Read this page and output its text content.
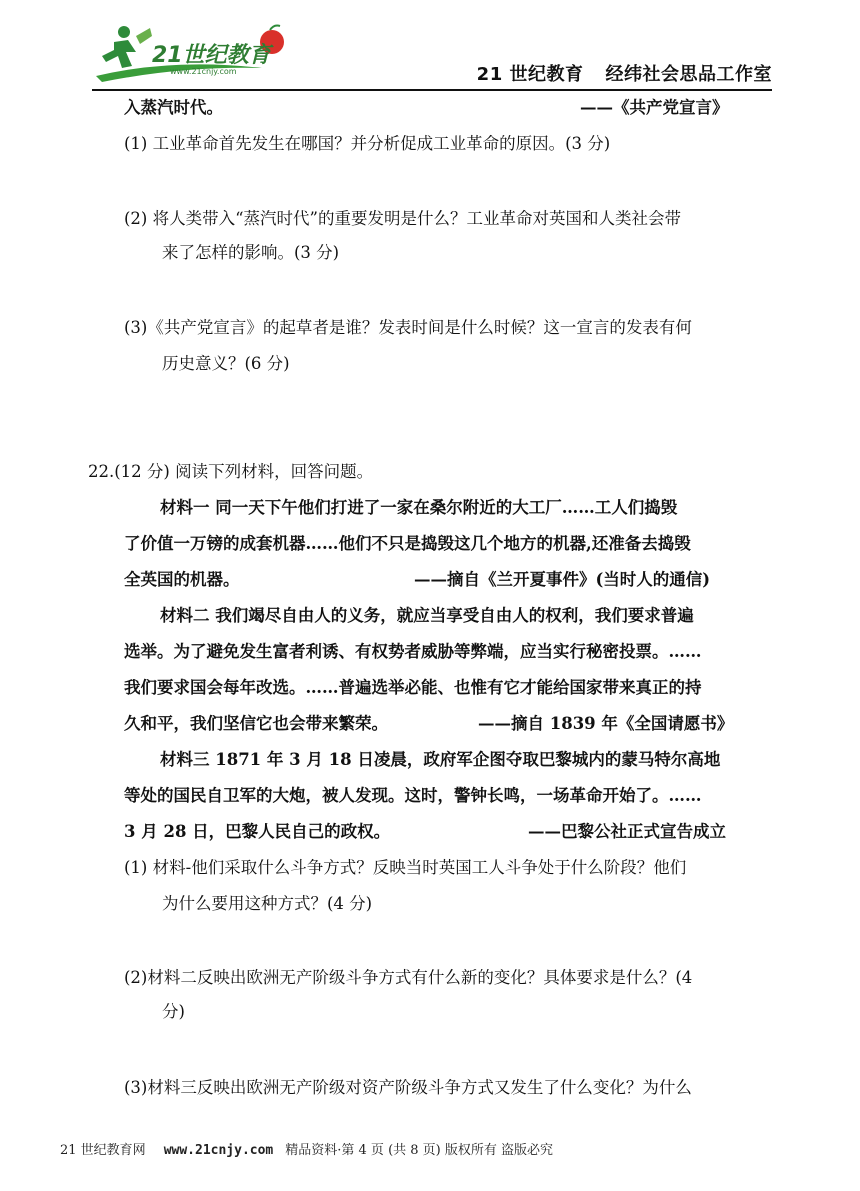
21世纪教育
www.21cnjy.com	21 世纪教育 经纬社会思品工作室
入蒸汽时代。	——《共产党宣言》
(1) 工业革命首先发生在哪国？并分析促成工业革命的原因。(3 分)
(2) 将人类带入“蒸汽时代”的重要发明是什么？工业革命对英国和人类社会带
来了怎样的影响。(3 分)
(3)《共产党宣言》的起草者是谁？发表时间是什么时候？这一宣言的发表有何
历史意义？(6 分)
22.(12 分) 阅读下列材料，回答问题。
材料一 同一天下午他们打进了一家在桑尔附近的大工厂……工人们捣毁
了价值一万镑的成套机器……他们不只是捣毁这几个地方的机器,还准备去捣毁
全英国的机器。	——摘自《兰开夏事件》(当时人的通信)
材料二 我们竭尽自由人的义务，就应当享受自由人的权利，我们要求普遍
选举。为了避免发生富者利诱、有权势者威胁等弊端，应当实行秘密投票。……
我们要求国会每年改选。……普遍选举必能、也惟有它才能给国家带来真正的持
久和平，我们坚信它也会带来繁荣。	——摘自 1839 年《全国请愿书》
材料三 1871 年 3 月 18 日凌晨，政府军企图夺取巴黎城内的蒙马特尔高地
等处的国民自卫军的大炮，被人发现。这时，警钟长鸣，一场革命开始了。……
3 月 28 日，巴黎人民自己的政权。	——巴黎公社正式宣告成立
(1) 材料-他们采取什么斗争方式？反映当时英国工人斗争处于什么阶段？他们
为什么要用这种方式？(4 分)
(2)材料二反映出欧洲无产阶级斗争方式有什么新的变化？具体要求是什么？(4
分)
(3)材料三反映出欧洲无产阶级对资产阶级斗争方式又发生了什么变化？为什么
21 世纪教育网 www.21cnjy.com 精品资料·第 4 页 (共 8 页) 版权所有 盗版必究
